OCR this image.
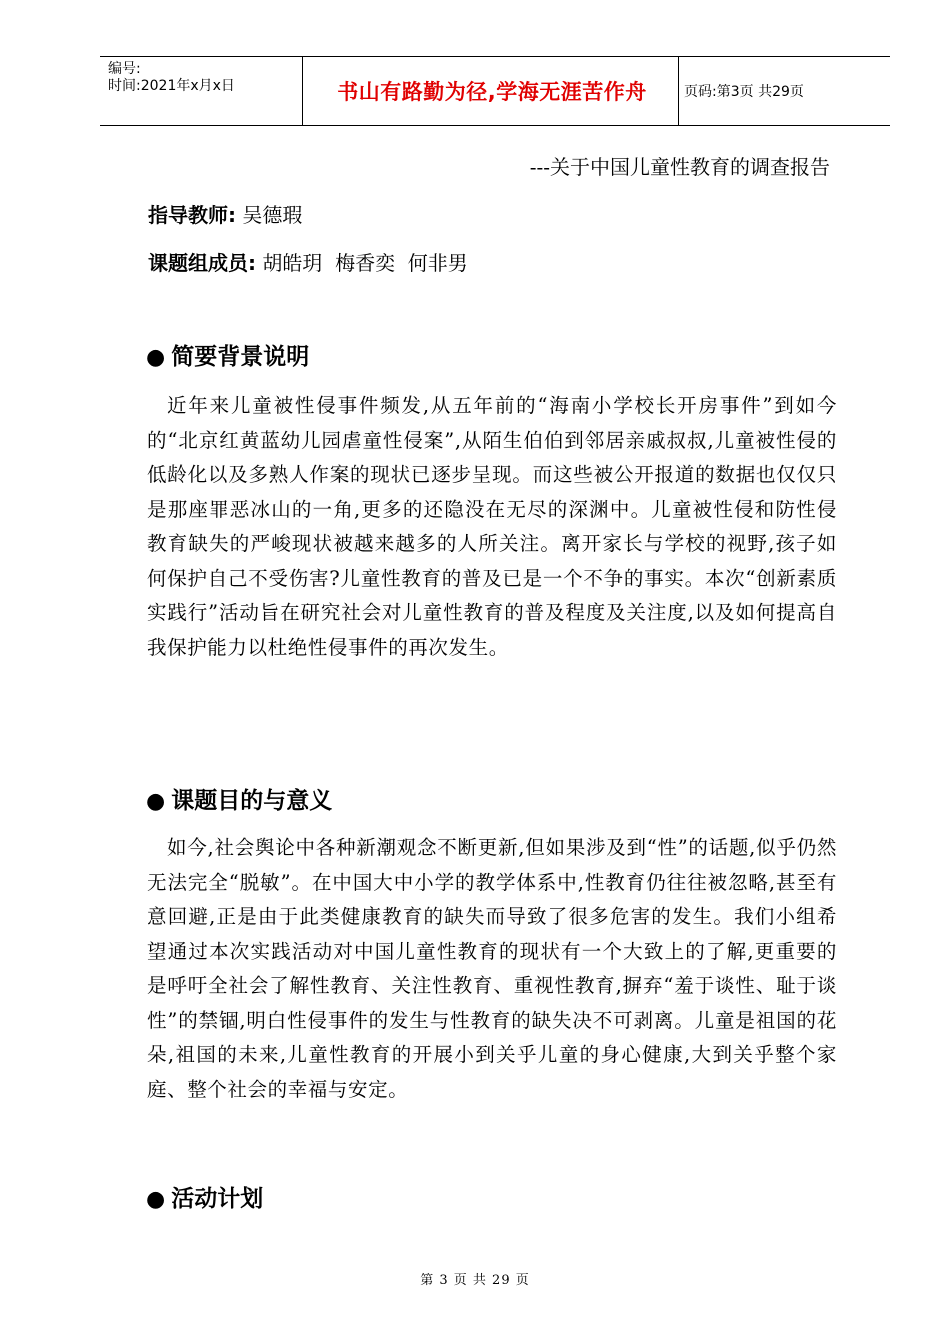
编号:
时间:2021年x月x日	书山有路勤为径,学海无涯苦作舟	页码:第3页 共29页
---关于中国儿童性教育的调查报告
指导教师: 吴德瑕
课题组成员: 胡皓玥  梅香奕  何非男
● 简要背景说明
近年来儿童被性侵事件频发,从五年前的“海南小学校长开房事件”到如今的“北京红黄蓝幼儿园虐童性侵案”,从陌生伯伯到邻居亲戚叔叔,儿童被性侵的低龄化以及多熟人作案的现状已逐步呈现。而这些被公开报道的数据也仅仅只是那座罪恶冰山的一角,更多的还隐没在无尽的深渊中。儿童被性侵和防性侵教育缺失的严峻现状被越来越多的人所关注。离开家长与学校的视野,孩子如何保护自己不受伤害?儿童性教育的普及已是一个不争的事实。本次“创新素质实践行”活动旨在研究社会对儿童性教育的普及程度及关注度,以及如何提高自我保护能力以杜绝性侵事件的再次发生。
● 课题目的与意义
如今,社会舆论中各种新潮观念不断更新,但如果涉及到“性”的话题,似乎仍然无法完全“脱敏”。在中国大中小学的教学体系中,性教育仍往往被忽略,甚至有意回避,正是由于此类健康教育的缺失而导致了很多危害的发生。我们小组希望通过本次实践活动对中国儿童性教育的现状有一个大致上的了解,更重要的是呼吁全社会了解性教育、关注性教育、重视性教育,摒弃“羞于谈性、耻于谈性”的禁锢,明白性侵事件的发生与性教育的缺失决不可剥离。儿童是祖国的花朵,祖国的未来,儿童性教育的开展小到关乎儿童的身心健康,大到关乎整个家庭、整个社会的幸福与安定。
● 活动计划
第 3 页 共 29 页
